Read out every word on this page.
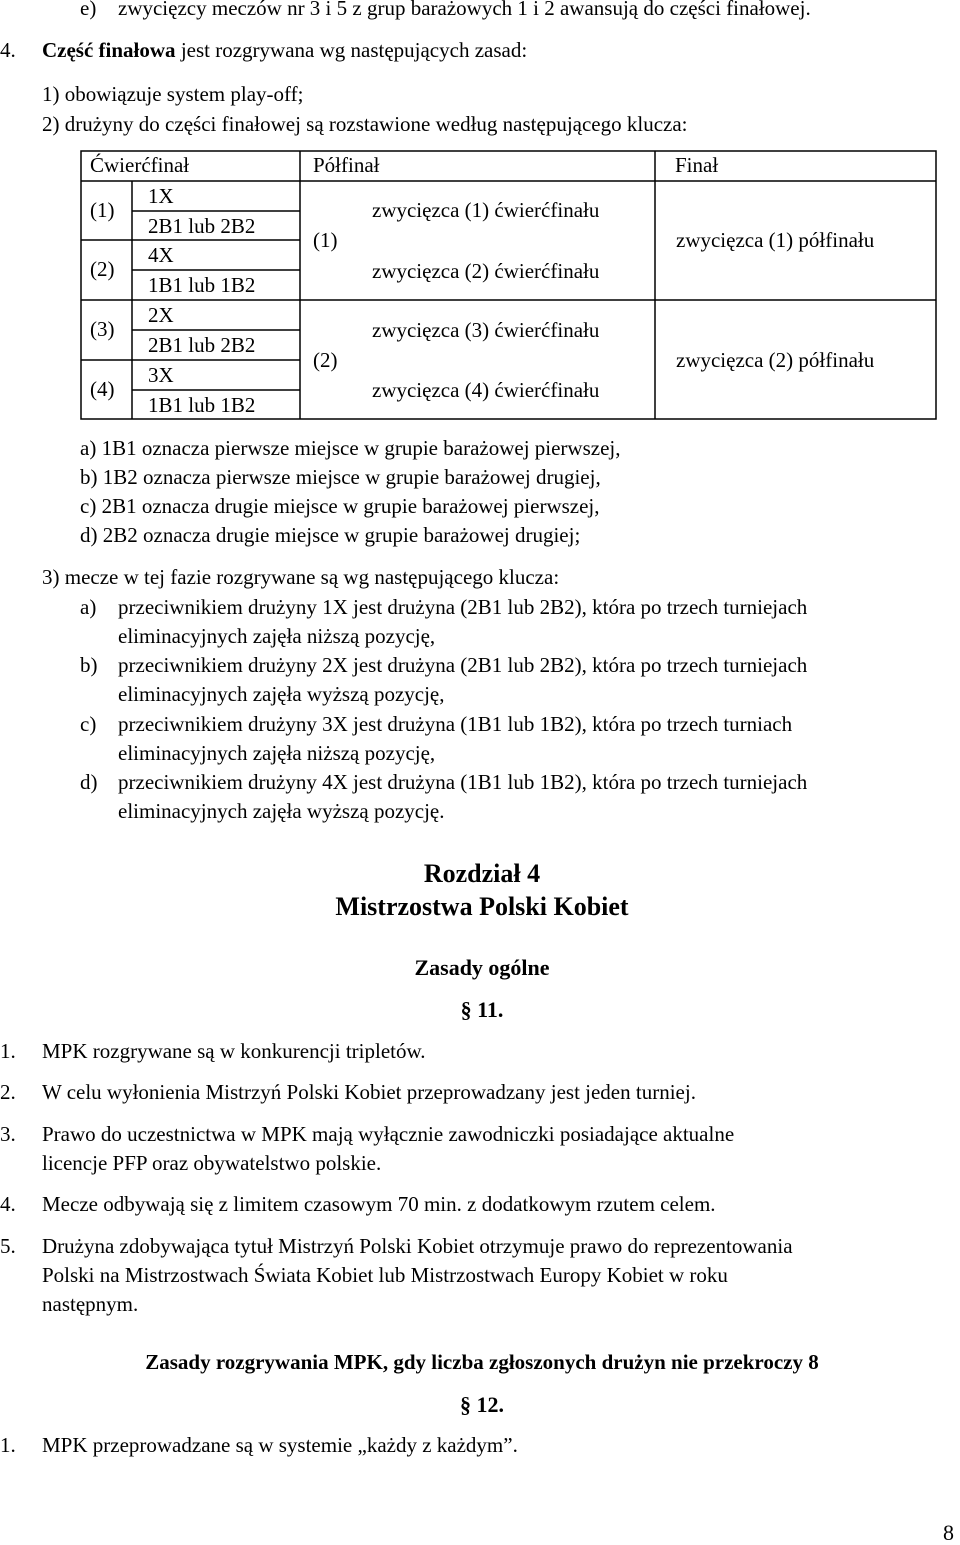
e) zwycięzcy meczów nr 3 i 5 z grup barażowych 1 i 2 awansują do części finałowej.
4. Część finałowa jest rozgrywana wg następujących zasad:
1) obowiązuje system play-off;
2) drużyny do części finałowej są rozstawione według następującego klucza:
Ćwierćfinał	Półfinał	Finał
(1)
(2)
(3)
(4)
1X
2B1 lub 2B2
4X
1B1 lub 1B2
2X
2B1 lub 2B2
3X
1B1 lub 1B2
(1)
(2)
zwycięzca (1) ćwierćfinału
zwycięzca (2) ćwierćfinału
zwycięzca (3) ćwierćfinału
zwycięzca (4) ćwierćfinału
zwycięzca (1) półfinału
zwycięzca (2) półfinału
a) 1B1 oznacza pierwsze miejsce w grupie barażowej pierwszej,
b) 1B2 oznacza pierwsze miejsce w grupie barażowej drugiej,
c) 2B1 oznacza drugie miejsce w grupie barażowej pierwszej,
d) 2B2 oznacza drugie miejsce w grupie barażowej drugiej;
3) mecze w tej fazie rozgrywane są wg następującego klucza:
a) przeciwnikiem drużyny 1X jest drużyna (2B1 lub 2B2), która po trzech turniejach
eliminacyjnych zajęła niższą pozycję,
b) przeciwnikiem drużyny 2X jest drużyna (2B1 lub 2B2), która po trzech turniejach
eliminacyjnych zajęła wyższą pozycję,
c) przeciwnikiem drużyny 3X jest drużyna (1B1 lub 1B2), która po trzech turniach
eliminacyjnych zajęła niższą pozycję,
d) przeciwnikiem drużyny 4X jest drużyna (1B1 lub 1B2), która po trzech turniejach
eliminacyjnych zajęła wyższą pozycję.
Rozdział 4
Mistrzostwa Polski Kobiet
Zasady ogólne
§ 11.
1. MPK rozgrywane są w konkurencji tripletów.
2. W celu wyłonienia Mistrzyń Polski Kobiet przeprowadzany jest jeden turniej.
3. Prawo do uczestnictwa w MPK mają wyłącznie zawodniczki posiadające aktualne
licencje PFP oraz obywatelstwo polskie.
4. Mecze odbywają się z limitem czasowym 70 min. z dodatkowym rzutem celem.
5. Drużyna zdobywająca tytuł Mistrzyń Polski Kobiet otrzymuje prawo do reprezentowania
Polski na Mistrzostwach Świata Kobiet lub Mistrzostwach Europy Kobiet w roku
następnym.
Zasady rozgrywania MPK, gdy liczba zgłoszonych drużyn nie przekroczy 8
§ 12.
1. MPK przeprowadzane są w systemie „każdy z każdym”.
8
